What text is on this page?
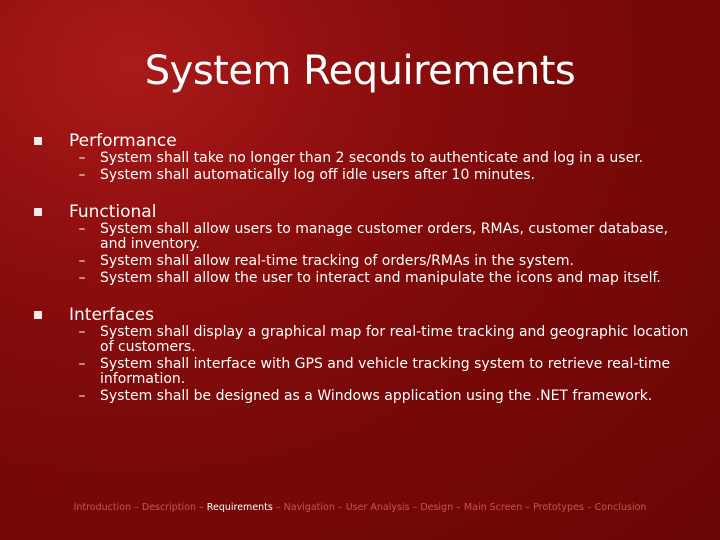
System Requirements
Performance
–	System shall take no longer than 2 seconds to authenticate and log in a user.
–	System shall automatically log off idle users after 10 minutes.
Functional
–	System shall allow users to manage customer orders, RMAs, customer database, and inventory.
–	System shall allow real-time tracking of orders/RMAs in the system.
–	System shall allow the user to interact and manipulate the icons and map itself.
Interfaces
–	System shall display a graphical map for real-time tracking and geographic location of customers.
–	System shall interface with GPS and vehicle tracking system to retrieve real-time information.
–	System shall be designed as a Windows application using the .NET framework.
Introduction – Description – Requirements – Navigation – User Analysis – Design – Main Screen – Prototypes – Conclusion
